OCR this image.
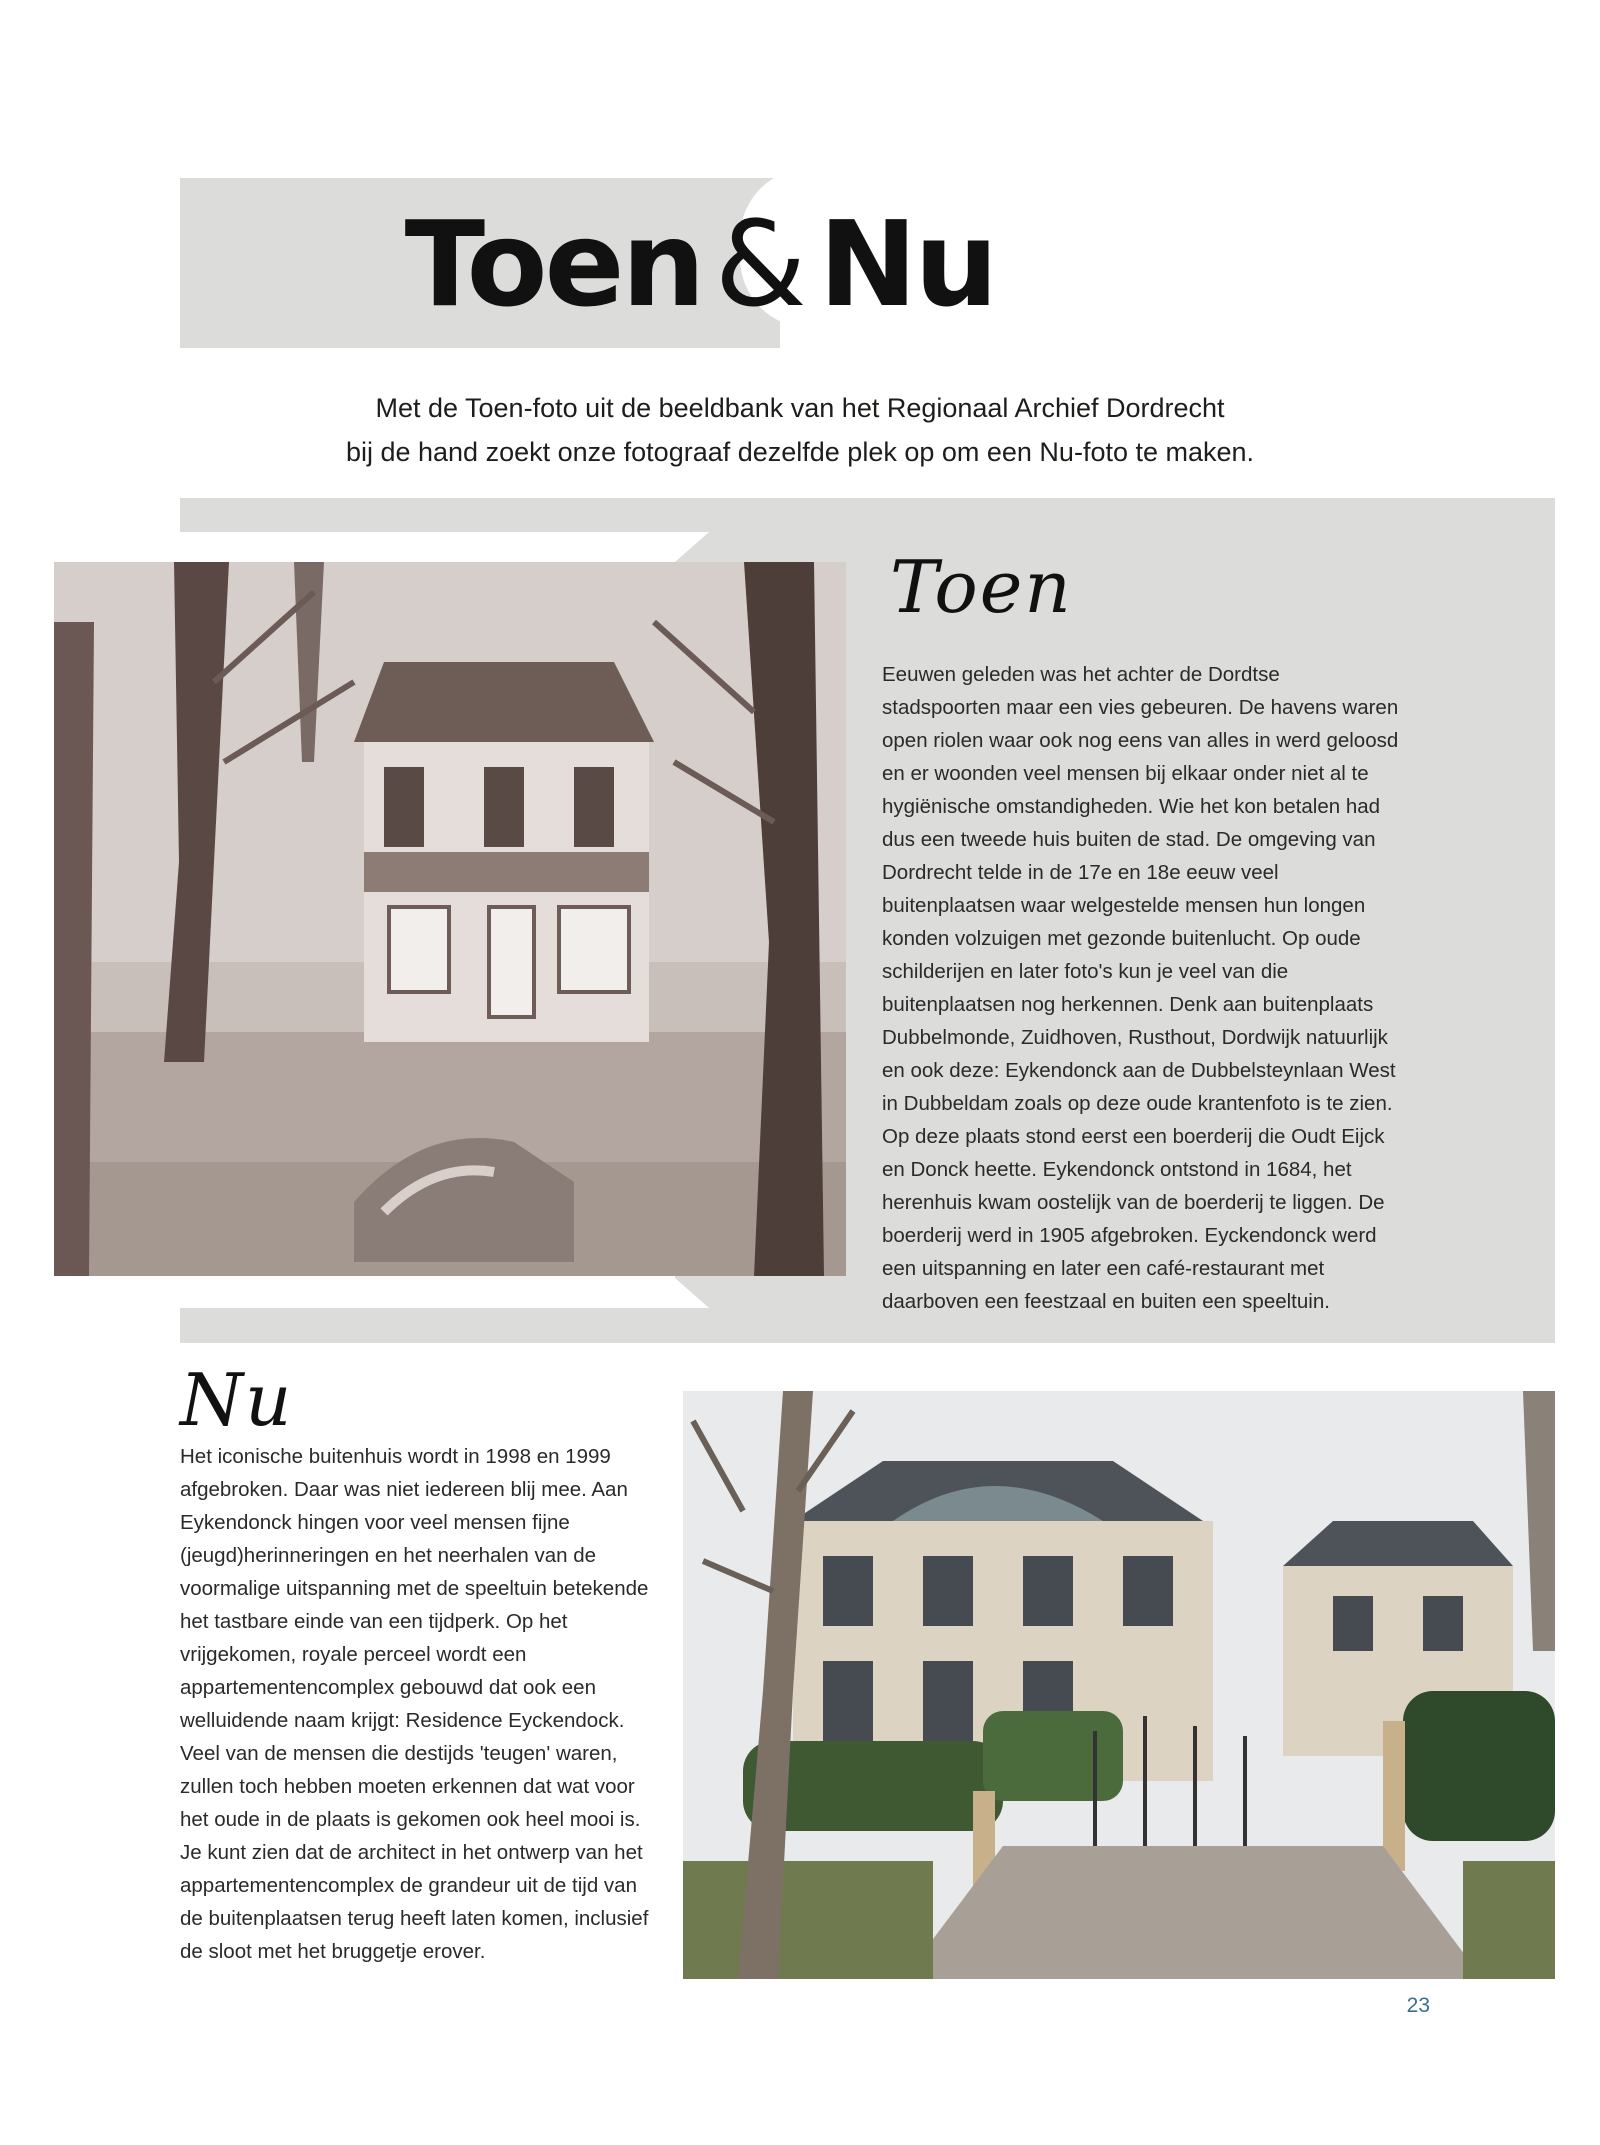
Toen & Nu
Met de Toen-foto uit de beeldbank van het Regionaal Archief Dordrecht
bij de hand zoekt onze fotograaf dezelfde plek op om een Nu-foto te maken.
Toen

Eeuwen geleden was het achter de Dordtse stadspoorten maar een vies gebeuren. De havens waren open riolen waar ook nog eens van alles in werd geloosd en er woonden veel mensen bij elkaar onder niet al te hygiënische omstandigheden. Wie het kon betalen had dus een tweede huis buiten de stad. De omgeving van Dordrecht telde in de 17e en 18e eeuw veel buitenplaatsen waar welgestelde mensen hun longen konden volzuigen met gezonde buitenlucht. Op oude schilderijen en later foto's kun je veel van die buitenplaatsen nog herkennen. Denk aan buitenplaats Dubbelmonde, Zuidhoven, Rusthout, Dordwijk natuurlijk en ook deze: Eykendonck aan de Dubbelsteynlaan West in Dubbeldam zoals op deze oude krantenfoto is te zien. Op deze plaats stond eerst een boerderij die Oudt Eijck en Donck heette. Eykendonck ontstond in 1684, het herenhuis kwam oostelijk van de boerderij te liggen. De boerderij werd in 1905 afgebroken. Eyckendonck werd een uitspanning en later een café-restaurant met daarboven een feestzaal en buiten een speeltuin.

Nu

Het iconische buitenhuis wordt in 1998 en 1999 afgebroken. Daar was niet iedereen blij mee. Aan Eykendonck hingen voor veel mensen fijne (jeugd)herinneringen en het neerhalen van de voormalige uitspanning met de speeltuin betekende het tastbare einde van een tijdperk. Op het vrijgekomen, royale perceel wordt een appartementencomplex gebouwd dat ook een welluidende naam krijgt: Residence Eyckendock. Veel van de mensen die destijds 'teugen' waren, zullen toch hebben moeten erkennen dat wat voor het oude in de plaats is gekomen ook heel mooi is. Je kunt zien dat de architect in het ontwerp van het appartementencomplex de grandeur uit de tijd van de buitenplaatsen terug heeft laten komen, inclusief de sloot met het bruggetje erover.

23
